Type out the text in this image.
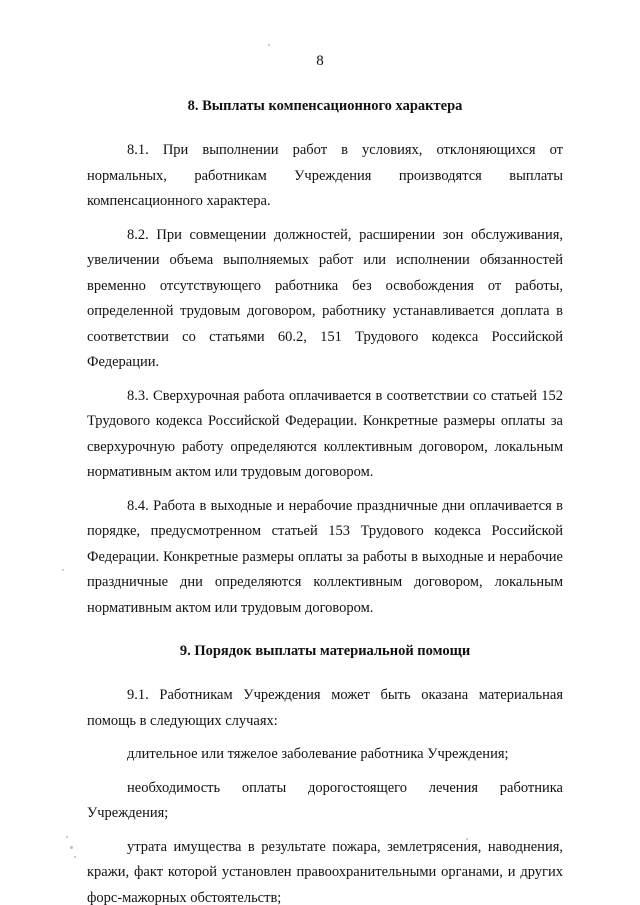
8
8. Выплаты компенсационного характера

8.1. При выполнении работ в условиях, отклоняющихся от нормальных, работникам Учреждения производятся выплаты компенсационного характера.

8.2. При совмещении должностей, расширении зон обслуживания, увеличении объема выполняемых работ или исполнении обязанностей временно отсутствующего работника без освобождения от работы, определенной трудовым договором, работнику устанавливается доплата в соответствии со статьями 60.2, 151 Трудового кодекса Российской Федерации.

8.3. Сверхурочная работа оплачивается в соответствии со статьей 152 Трудового кодекса Российской Федерации. Конкретные размеры оплаты за сверхурочную работу определяются коллективным договором, локальным нормативным актом или трудовым договором.

8.4. Работа в выходные и нерабочие праздничные дни оплачивается в порядке, предусмотренном статьей 153 Трудового кодекса Российской Федерации. Конкретные размеры оплаты за работы в выходные и нерабочие праздничные дни определяются коллективным договором, локальным нормативным актом или трудовым договором.

9. Порядок выплаты материальной помощи

9.1. Работникам Учреждения может быть оказана материальная помощь в следующих случаях:

длительное или тяжелое заболевание работника Учреждения;

необходимость оплаты дорогостоящего лечения работника Учреждения;

утрата имущества в результате пожара, землетрясения, наводнения, кражи, факт которой установлен правоохранительными органами, и других форс-мажорных обстоятельств;
